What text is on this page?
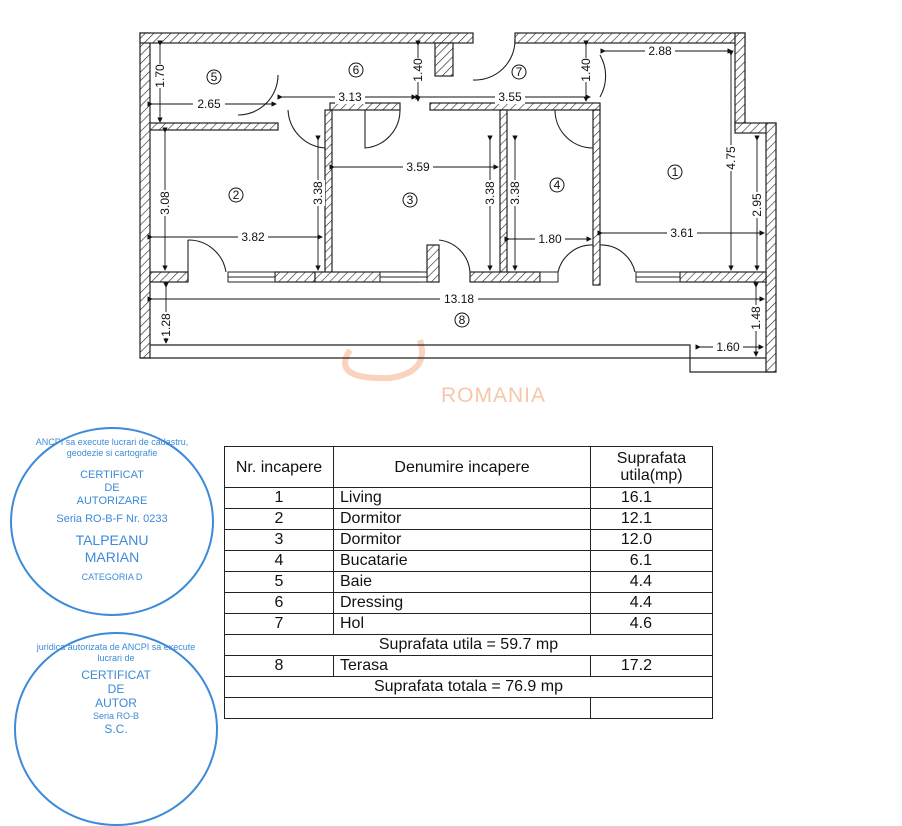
5	6	7
1
2	3
4
8
1.70
2.65	3.13
1.40
3.55
1.40
2.88
4.75
3.08	3.38
3.59
3.38 3.38
2.95
3.82	1.80	3.61
13.18
1.28	1.48
1.60
ROMANIA
ANCPI sa execute lucrari de cadastru, geodezie si cartografie
CERTIFICAT
DE
AUTORIZARE
Seria RO-B-F Nr. 0233
TALPEANU
MARIAN
CATEGORIA D
juridica autorizata de ANCPI sa execute lucrari de
CERTIFICAT
DE
AUTOR
Seria RO-B
S.C.
Nr. incapere	Denumire incapere	Suprafata utila(mp)
1	Living	16.1
2	Dormitor	12.1
3	Dormitor	12.0
4	Bucatarie	6.1
5	Baie	4.4
6	Dressing	4.4
7	Hol	4.6
Suprafata utila = 59.7 mp		
8	Terasa	17.2
Suprafata totala = 76.9 mp		
